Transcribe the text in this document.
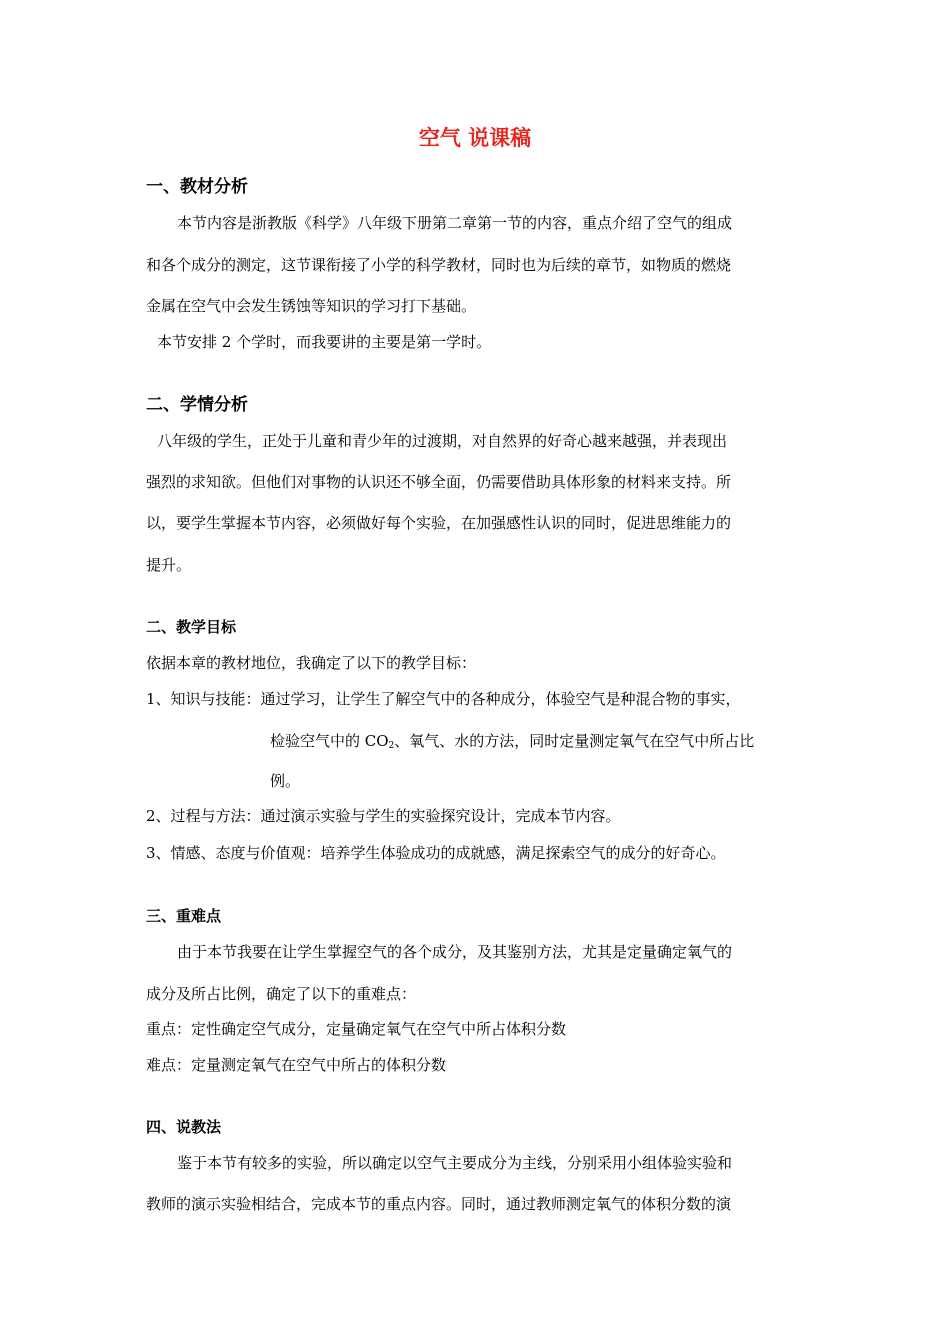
空气 说课稿
一、教材分析
本节内容是浙教版《科学》八年级下册第二章第一节的内容，重点介绍了空气的组成
和各个成分的测定，这节课衔接了小学的科学教材，同时也为后续的章节，如物质的燃烧
金属在空气中会发生锈蚀等知识的学习打下基础。
本节安排 2 个学时，而我要讲的主要是第一学时。
二、学情分析
八年级的学生，正处于儿童和青少年的过渡期，对自然界的好奇心越来越强，并表现出
强烈的求知欲。但他们对事物的认识还不够全面，仍需要借助具体形象的材料来支持。所
以，要学生掌握本节内容，必须做好每个实验，在加强感性认识的同时，促进思维能力的
提升。
二、教学目标
依据本章的教材地位，我确定了以下的教学目标：
1、知识与技能：通过学习，让学生了解空气中的各种成分，体验空气是种混合物的事实，
检验空气中的 $CO_2$、氧气、水的方法，同时定量测定氧气在空气中所占比
例。
2、过程与方法：通过演示实验与学生的实验探究设计，完成本节内容。
3、情感、态度与价值观：培养学生体验成功的成就感，满足探索空气的成分的好奇心。
三、重难点
由于本节我要在让学生掌握空气的各个成分，及其鉴别方法，尤其是定量确定氧气的
成分及所占比例，确定了以下的重难点：
重点：定性确定空气成分，定量确定氧气在空气中所占体积分数
难点：定量测定氧气在空气中所占的体积分数
四、说教法
鉴于本节有较多的实验，所以确定以空气主要成分为主线，分别采用小组体验实验和
教师的演示实验相结合，完成本节的重点内容。同时，通过教师测定氧气的体积分数的演
